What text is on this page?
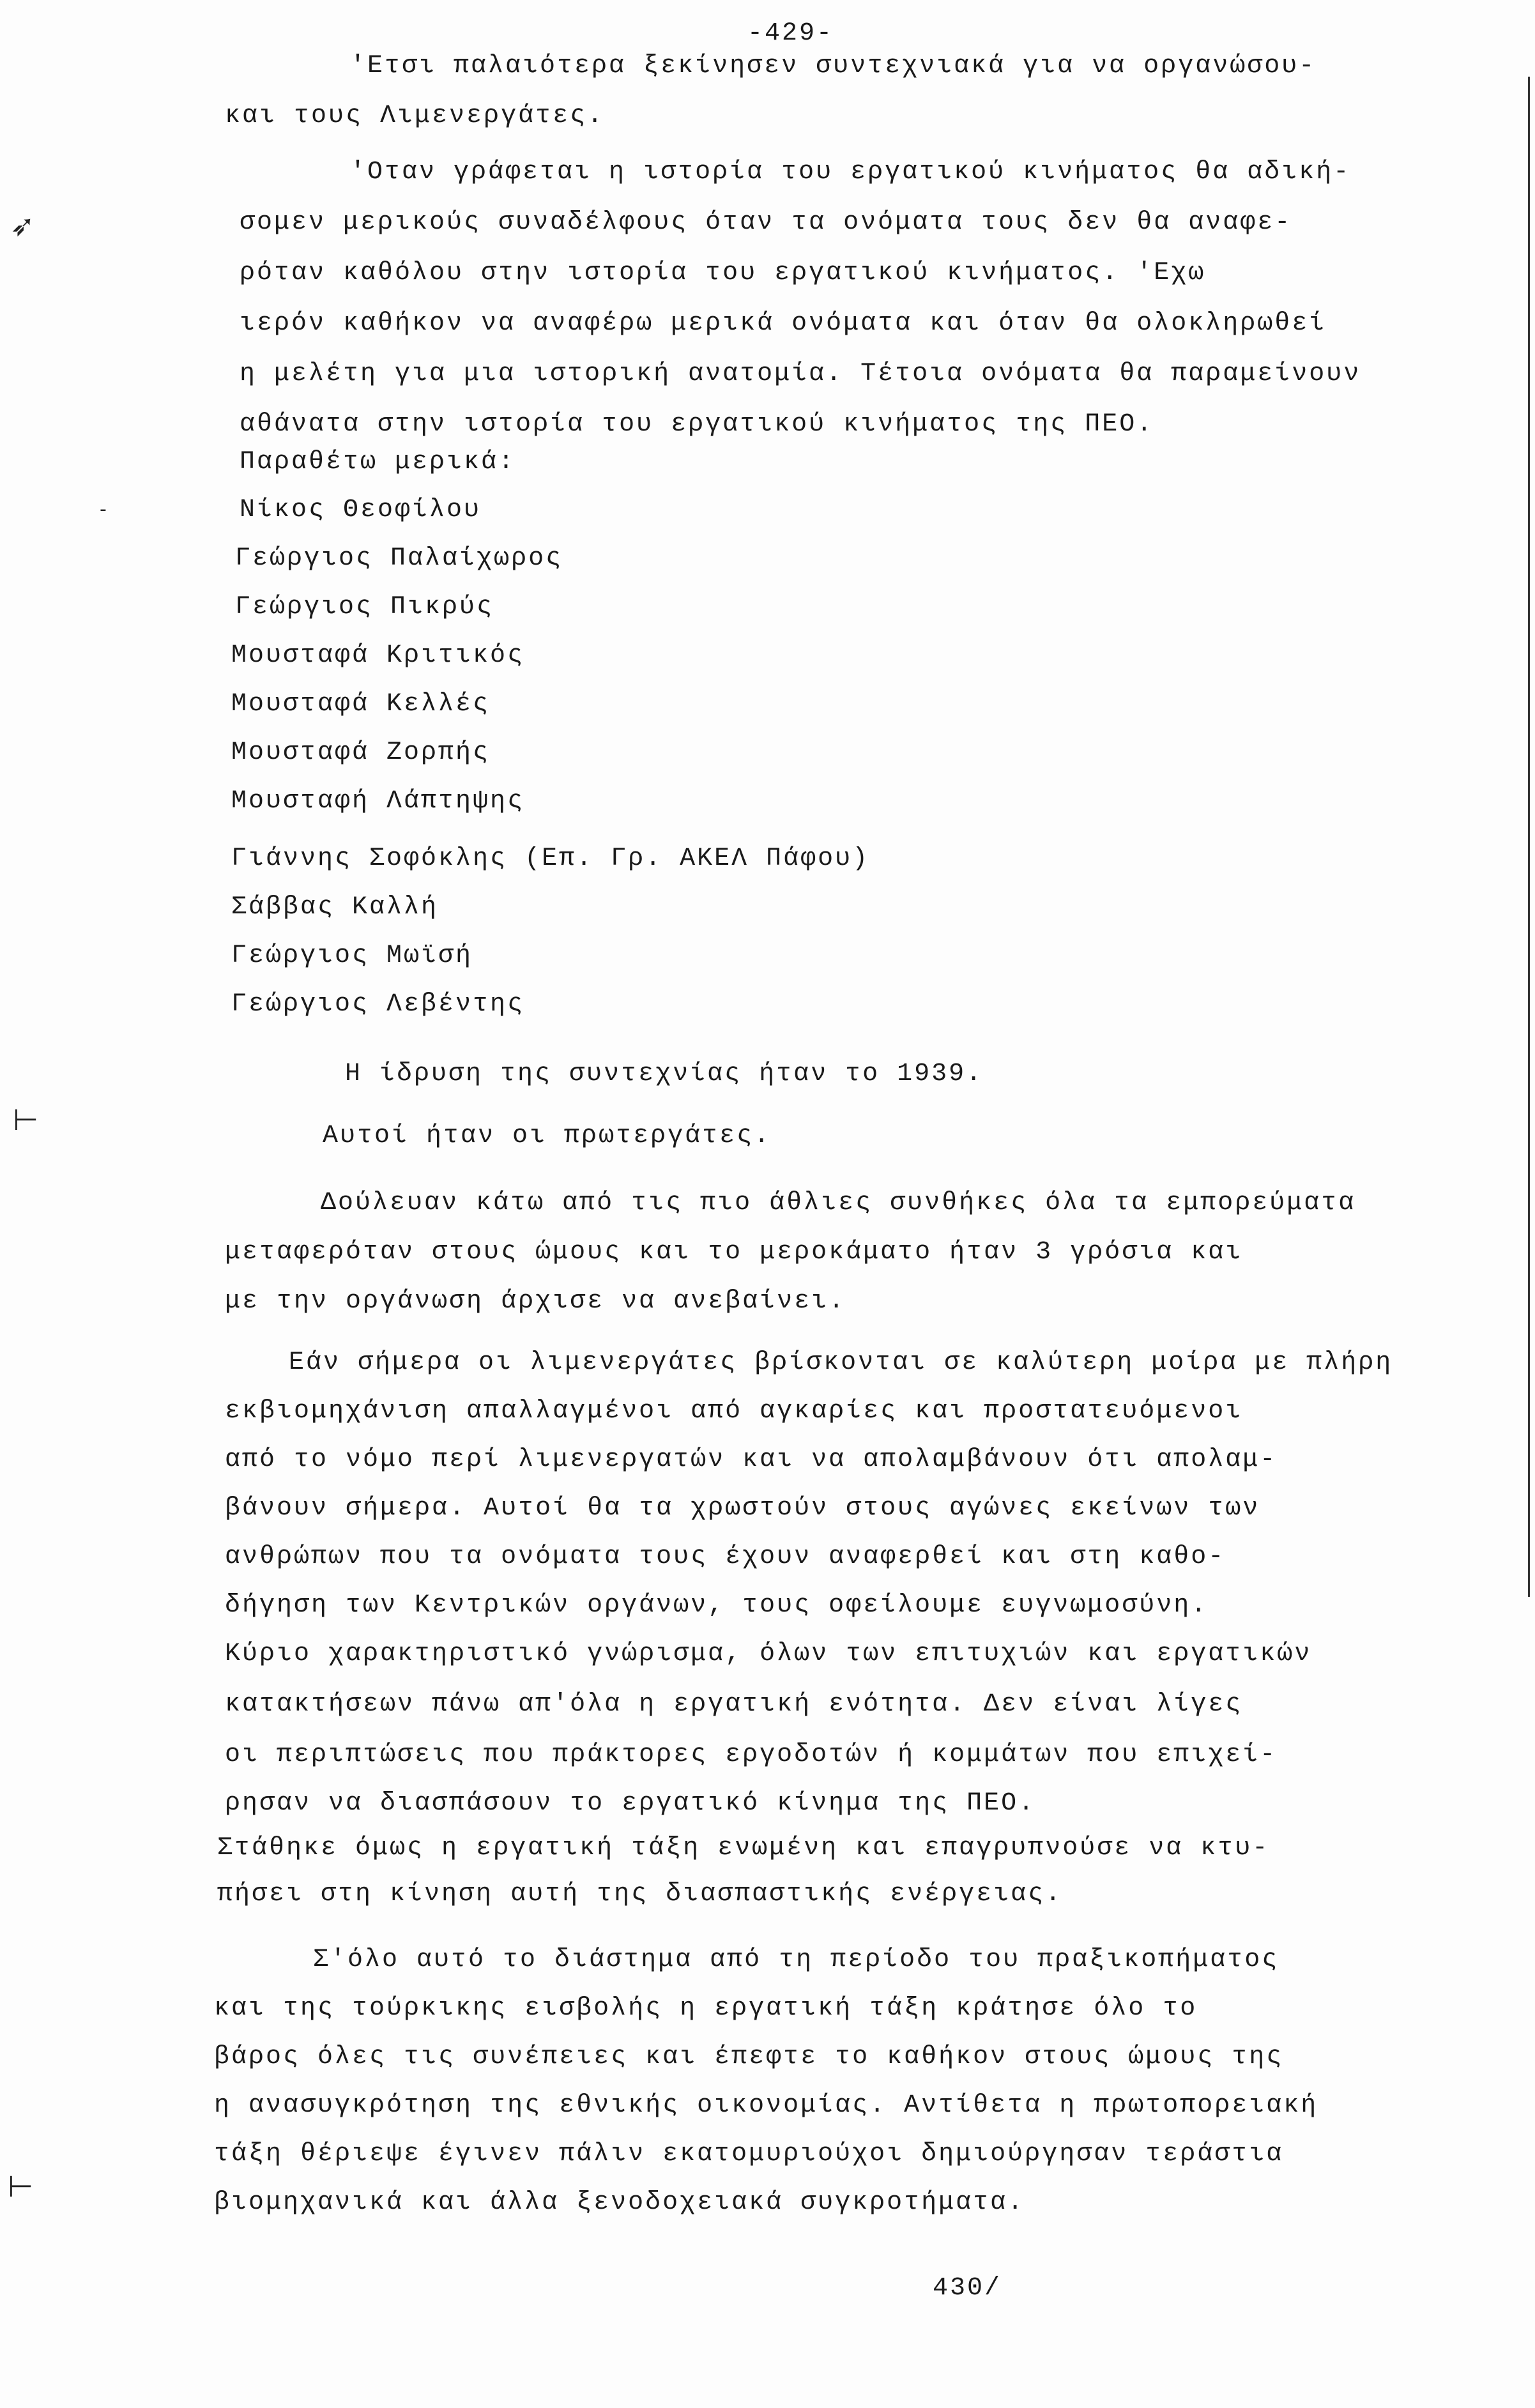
-429-
'Ετσι παλαιότερα ξεκίνησεν συντεχνιακά για να οργανώσου-
και τους Λιμενεργάτες.
'Οταν γράφεται η ιστορία του εργατικού κινήματος θα αδική-
σομεν μερικούς συναδέλφους όταν τα ονόματα τους δεν θα αναφε-
ρόταν καθόλου στην ιστορία του εργατικού κινήματος. 'Εχω
ιερόν καθήκον να αναφέρω μερικά ονόματα και όταν θα ολοκληρωθεί
η μελέτη για μια ιστορική ανατομία. Τέτοια ονόματα θα παραμείνουν
αθάνατα στην ιστορία του εργατικού κινήματος της ΠΕΟ.
Παραθέτω μερικά:
Νίκος Θεοφίλου
Γεώργιος Παλαίχωρος
Γεώργιος Πικρύς
Μουσταφά Κριτικός
Μουσταφά Κελλές
Μουσταφά Ζορπής
Μουσταφή Λάπτηψης
Γιάννης Σοφόκλης (Επ. Γρ. ΑΚΕΛ Πάφου)
Σάββας Καλλή
Γεώργιος Μωϊσή
Γεώργιος Λεβέντης
Η ίδρυση της συντεχνίας ήταν το 1939.
Αυτοί ήταν οι πρωτεργάτες.
Δούλευαν κάτω από τις πιο άθλιες συνθήκες όλα τα εμπορεύματα
μεταφερόταν στους ώμους και το μεροκάματο ήταν 3 γρόσια και
με την οργάνωση άρχισε να ανεβαίνει.
Εάν σήμερα οι λιμενεργάτες βρίσκονται σε καλύτερη μοίρα με πλήρη
εκβιομηχάνιση απαλλαγμένοι από αγκαρίες και προστατευόμενοι
από το νόμο περί λιμενεργατών και να απολαμβάνουν ότι απολαμ-
βάνουν σήμερα. Αυτοί θα τα χρωστούν στους αγώνες εκείνων των
ανθρώπων που τα ονόματα τους έχουν αναφερθεί και στη καθο-
δήγηση των Κεντρικών οργάνων, τους οφείλουμε ευγνωμοσύνη.
Κύριο χαρακτηριστικό γνώρισμα, όλων των επιτυχιών και εργατικών
κατακτήσεων πάνω απ'όλα η εργατική ενότητα. Δεν είναι λίγες
οι περιπτώσεις που πράκτορες εργοδοτών ή κομμάτων που επιχεί-
ρησαν να διασπάσουν το εργατικό κίνημα της ΠΕΟ.
Στάθηκε όμως η εργατική τάξη ενωμένη και επαγρυπνούσε να κτυ-
πήσει στη κίνηση αυτή της διασπαστικής ενέργειας.
Σ'όλο αυτό το διάστημα από τη περίοδο του πραξικοπήματος
και της τούρκικης εισβολής η εργατική τάξη κράτησε όλο το
βάρος όλες τις συνέπειες και έπεφτε το καθήκον στους ώμους της
η ανασυγκρότηση της εθνικής οικονομίας. Αντίθετα η πρωτοπορειακή
τάξη θέριεψε έγινεν πάλιν εκατομυριούχοι δημιούργησαν τεράστια
βιομηχανικά και άλλα ξενοδοχειακά συγκροτήματα.
430/
➶
-
⊢
⊢
